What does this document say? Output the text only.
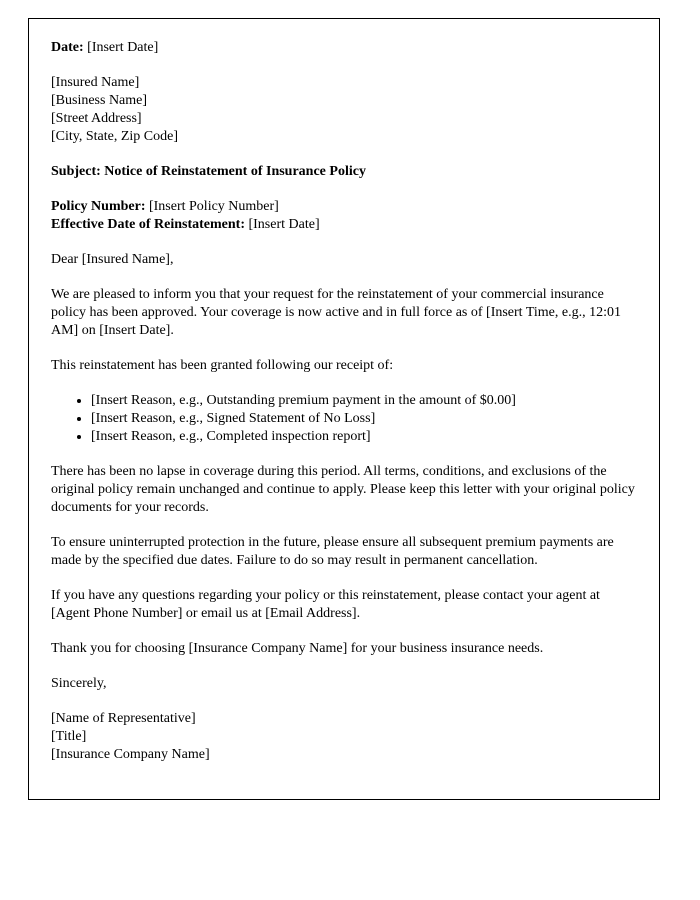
Date: [Insert Date]

[Insured Name]

[Business Name]

[Street Address]

[City, State, Zip Code]

Subject: Notice of Reinstatement of Insurance Policy

Policy Number: [Insert Policy Number]

Effective Date of Reinstatement: [Insert Date]

Dear [Insured Name],

We are pleased to inform you that your request for the reinstatement of your commercial insurance policy has been approved. Your coverage is now active and in full force as of [Insert Time, e.g., 12:01 AM] on [Insert Date].

This reinstatement has been granted following our receipt of:

• [Insert Reason, e.g., Outstanding premium payment in the amount of $0.00]
• [Insert Reason, e.g., Signed Statement of No Loss]
• [Insert Reason, e.g., Completed inspection report]

There has been no lapse in coverage during this period. All terms, conditions, and exclusions of the original policy remain unchanged and continue to apply. Please keep this letter with your original policy documents for your records.

To ensure uninterrupted protection in the future, please ensure all subsequent premium payments are made by the specified due dates. Failure to do so may result in permanent cancellation.

If you have any questions regarding your policy or this reinstatement, please contact your agent at [Agent Phone Number] or email us at [Email Address].

Thank you for choosing [Insurance Company Name] for your business insurance needs.

Sincerely,

[Name of Representative]

[Title]

[Insurance Company Name]
